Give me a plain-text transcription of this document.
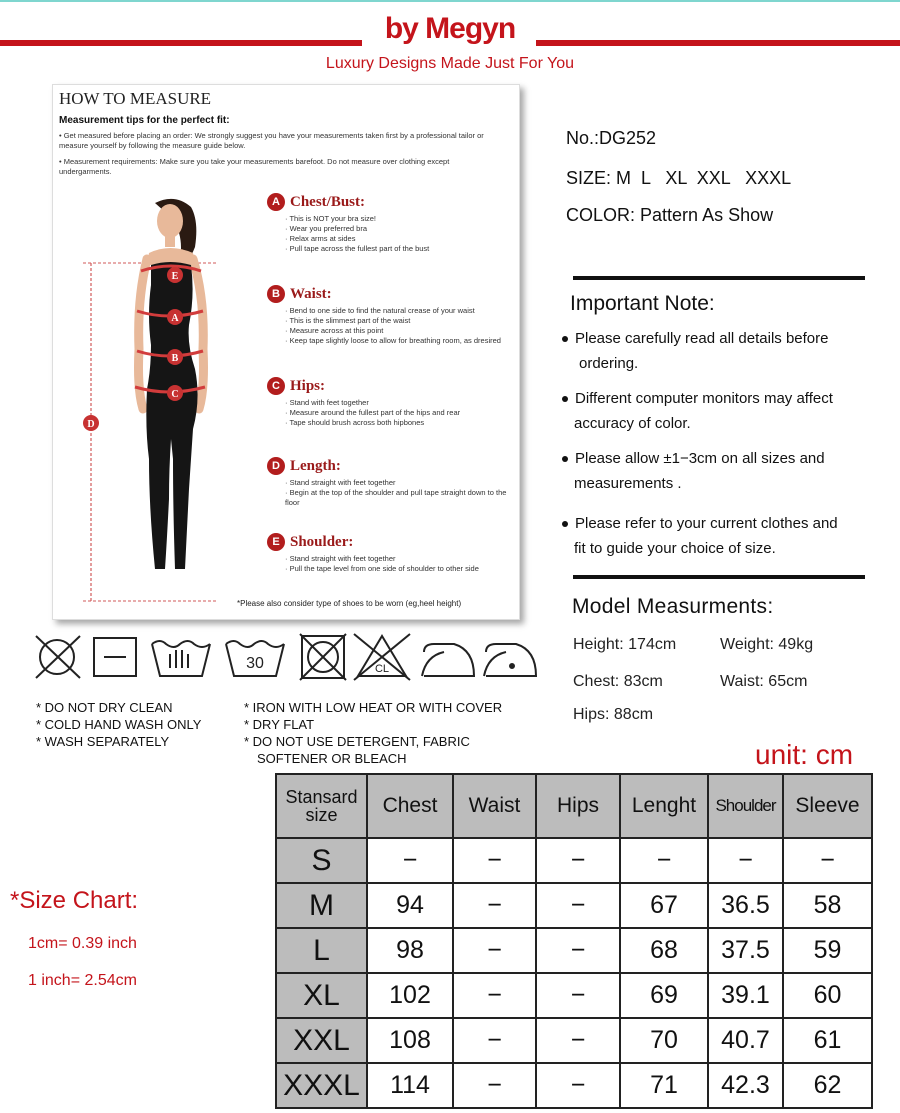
by Megyn
Luxury Designs Made Just For You
HOW TO MEASURE
Measurement tips for the perfect fit:
• Get measured before placing an order: We strongly suggest you have your measurements taken first by a professional tailor or measure yourself by following the measure guide below.
• Measurement requirements: Make sure you take your measurements barefoot. Do not measure over clothing except undergarments.
E
A
B
C
D
A Chest/Bust:
· This is NOT your bra size!
· Wear you preferred bra
· Relax arms at sides
· Pull tape across the fullest part of the bust
B Waist:
· Bend to one side to find the natural crease of your waist
· This is the slimmest part of the waist
· Measure across at this point
· Keep tape slightly loose to allow for breathing room, as dresired
C Hips:
· Stand with feet together
· Measure around the fullest part of the hips and rear
· Tape should brush across both hipbones
D Length:
· Stand straight with feet together
· Begin at the top of the shoulder and pull tape straight down to the floor
E Shoulder:
· Stand straight with feet together
· Pull the tape level from one side of shoulder to other side
*Please also consider type of shoes to be worn (eg,heel height)
No.:DG252
SIZE: M  L   XL  XXL   XXXL
COLOR: Pattern As Show
Important Note:
Please carefully read all details before
ordering.
Different computer monitors may affect
accuracy of color.
Please allow ±1−3cm on all sizes and
measurements .
Please refer to your current clothes and
fit to guide your choice of size.
Model Measurments:
Height: 174cm	Weight: 49kg
Chest: 83cm	Waist: 65cm
Hips: 88cm
30	CL
* DO NOT DRY CLEAN
* COLD HAND WASH ONLY
* WASH SEPARATELY
* IRON WITH LOW HEAT OR WITH COVER
* DRY FLAT
* DO NOT USE DETERGENT, FABRIC
SOFTENER OR BLEACH
*Size Chart:
1cm= 0.39 inch
1 inch= 2.54cm
unit: cm
Stansard size	Chest	Waist	Hips	Lenght	Shoulder	Sleeve
S	−	−	−	−	−	−
M	94	−	−	67	36.5	58
L	98	−	−	68	37.5	59
XL	102	−	−	69	39.1	60
XXL	108	−	−	70	40.7	61
XXXL	114	−	−	71	42.3	62
